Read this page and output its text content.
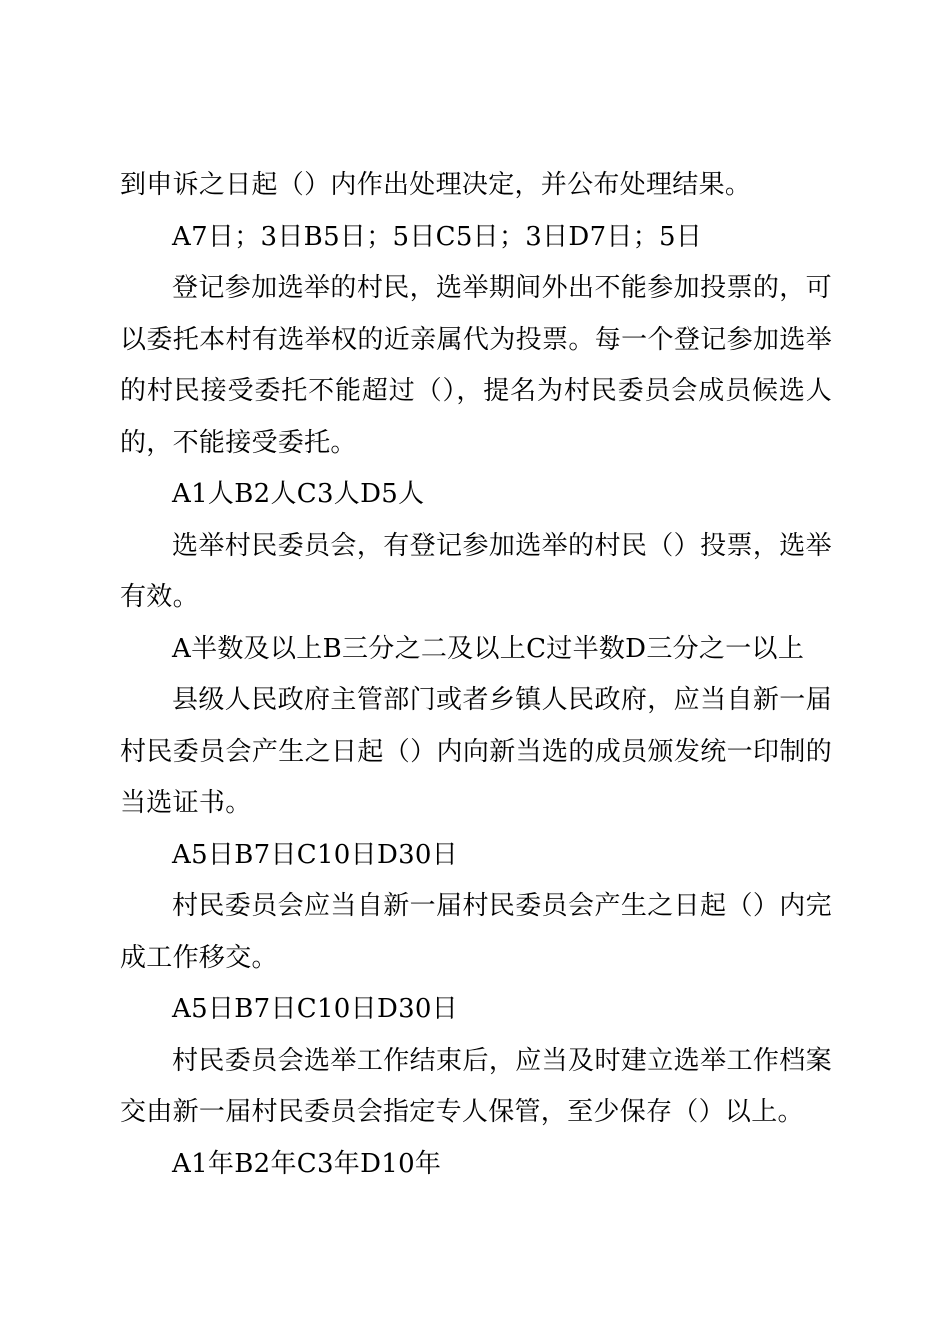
到申诉之日起（）内作出处理决定，并公布处理结果。
A7日；3日B5日；5日C5日；3日D7日；5日
登记参加选举的村民，选举期间外出不能参加投票的，可
以委托本村有选举权的近亲属代为投票。每一个登记参加选举
的村民接受委托不能超过（），提名为村民委员会成员候选人
的，不能接受委托。
A1人B2人C3人D5人
选举村民委员会，有登记参加选举的村民（）投票，选举
有效。
A半数及以上B三分之二及以上C过半数D三分之一以上
县级人民政府主管部门或者乡镇人民政府，应当自新一届
村民委员会产生之日起（）内向新当选的成员颁发统一印制的
当选证书。
A5日B7日C10日D30日
村民委员会应当自新一届村民委员会产生之日起（）内完
成工作移交。
A5日B7日C10日D30日
村民委员会选举工作结束后，应当及时建立选举工作档案
交由新一届村民委员会指定专人保管，至少保存（）以上。
A1年B2年C3年D10年
